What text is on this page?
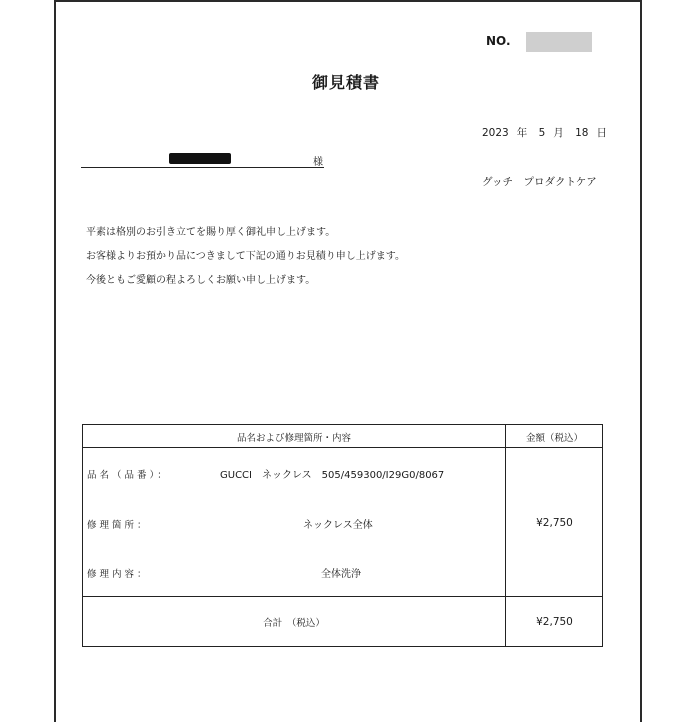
NO.
御見積書
2023 年 5 月 18 日
様
グッチ　プロダクトケア
平素は格別のお引き立てを賜り厚く御礼申し上げます。
お客様よりお預かり品につきまして下記の通りお見積り申し上げます。
今後ともご愛顧の程よろしくお願い申し上げます。
品名および修理箇所・内容	金額（税込）
品名（品番）：	GUCCI　ネックレス　505/459300/I29G0/8067
修理箇所：	ネックレス全体
修理内容：	全体洗浄
¥2,750
合計　（税込）	¥2,750
